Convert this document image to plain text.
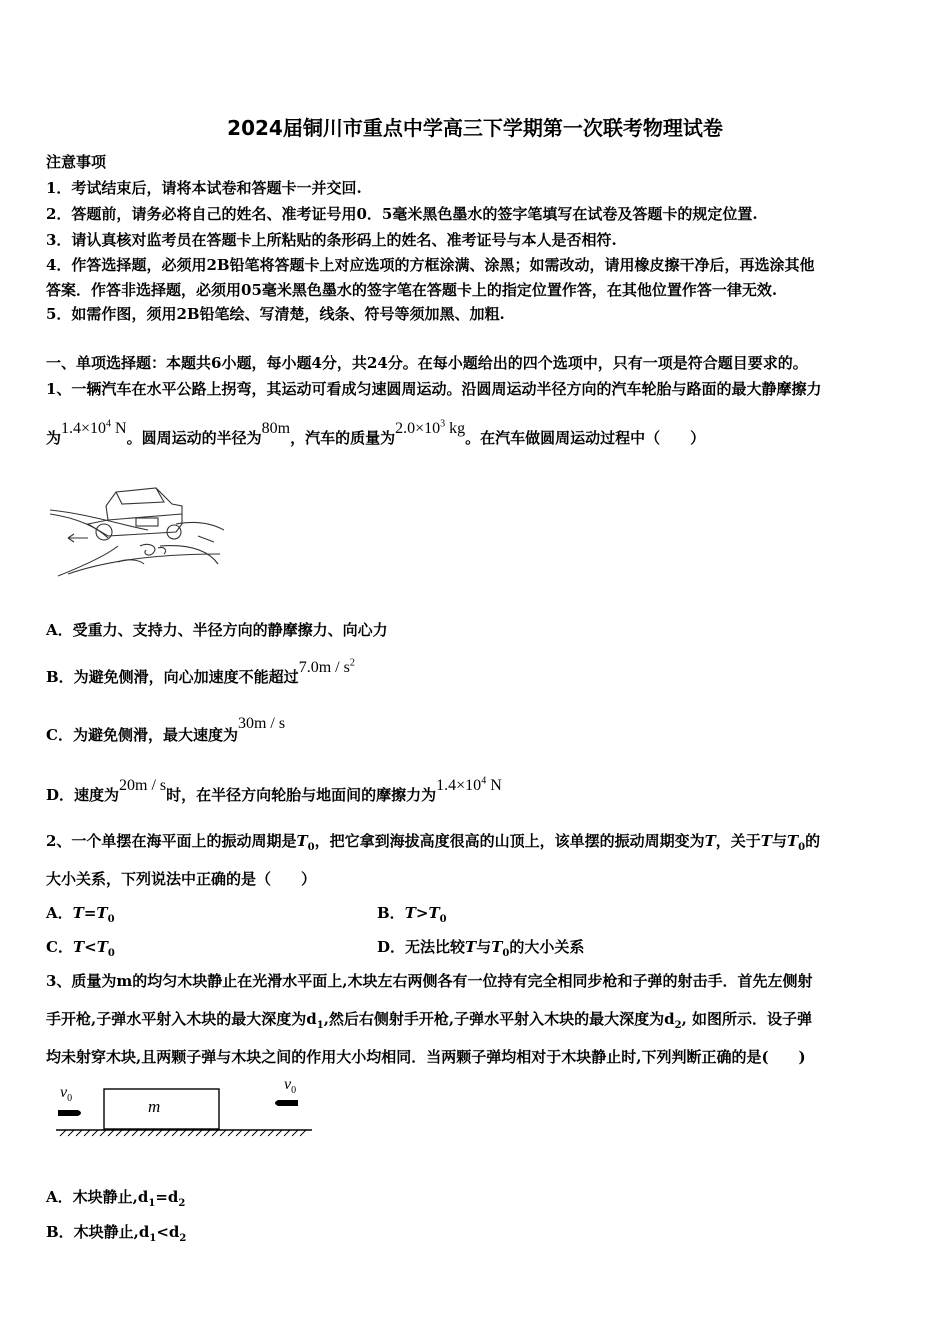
2024届铜川市重点中学高三下学期第一次联考物理试卷
注意事项
1．考试结束后，请将本试卷和答题卡一并交回.
2．答题前，请务必将自己的姓名、准考证号用0．5毫米黑色墨水的签字笔填写在试卷及答题卡的规定位置.
3．请认真核对监考员在答题卡上所粘贴的条形码上的姓名、准考证号与本人是否相符.
4．作答选择题，必须用2B铅笔将答题卡上对应选项的方框涂满、涂黑；如需改动，请用橡皮擦干净后，再选涂其他
答案．作答非选择题，必须用05毫米黑色墨水的签字笔在答题卡上的指定位置作答，在其他位置作答一律无效.
5．如需作图，须用2B铅笔绘、写清楚，线条、符号等须加黑、加粗.
一、单项选择题：本题共6小题，每小题4分，共24分。在每小题给出的四个选项中，只有一项是符合题目要求的。
1、一辆汽车在水平公路上拐弯，其运动可看成匀速圆周运动。沿圆周运动半径方向的汽车轮胎与路面的最大静摩擦力
为$1.4\times 10^4$ N。圆周运动的半径为80m，汽车的质量为$2.0\times 10^3$ kg。在汽车做圆周运动过程中（　　）
A．受重力、支持力、半径方向的静摩擦力、向心力
B．为避免侧滑，向心加速度不能超过$7.0m / s^2$
C．为避免侧滑，最大速度为30m / s
D．速度为20m / s时，在半径方向轮胎与地面间的摩擦力为$1.4\times 10^4$ N
2、一个单摆在海平面上的振动周期是$T_0$，把它拿到海拔高度很高的山顶上，该单摆的振动周期变为T，关于T与$T_0$的
大小关系，下列说法中正确的是（　　）
A．$T=T_0$	B．$T>T_0$
C．$T<T_0$	D．无法比较T与$T_0$的大小关系
3、质量为m的均匀木块静止在光滑水平面上,木块左右两侧各有一位持有完全相同步枪和子弹的射击手．首先左侧射
手开枪,子弹水平射入木块的最大深度为$d_1$,然后右侧射手开枪,子弹水平射入木块的最大深度为$d_2$, 如图所示．设子弹
均未射穿木块,且两颗子弹与木块之间的作用大小均相同．当两颗子弹均相对于木块静止时,下列判断正确的是(　　)
m
$v_0$
$v_0$
A．木块静止$,d_1=d_2$
B．木块静止$,d_1<d_2$
